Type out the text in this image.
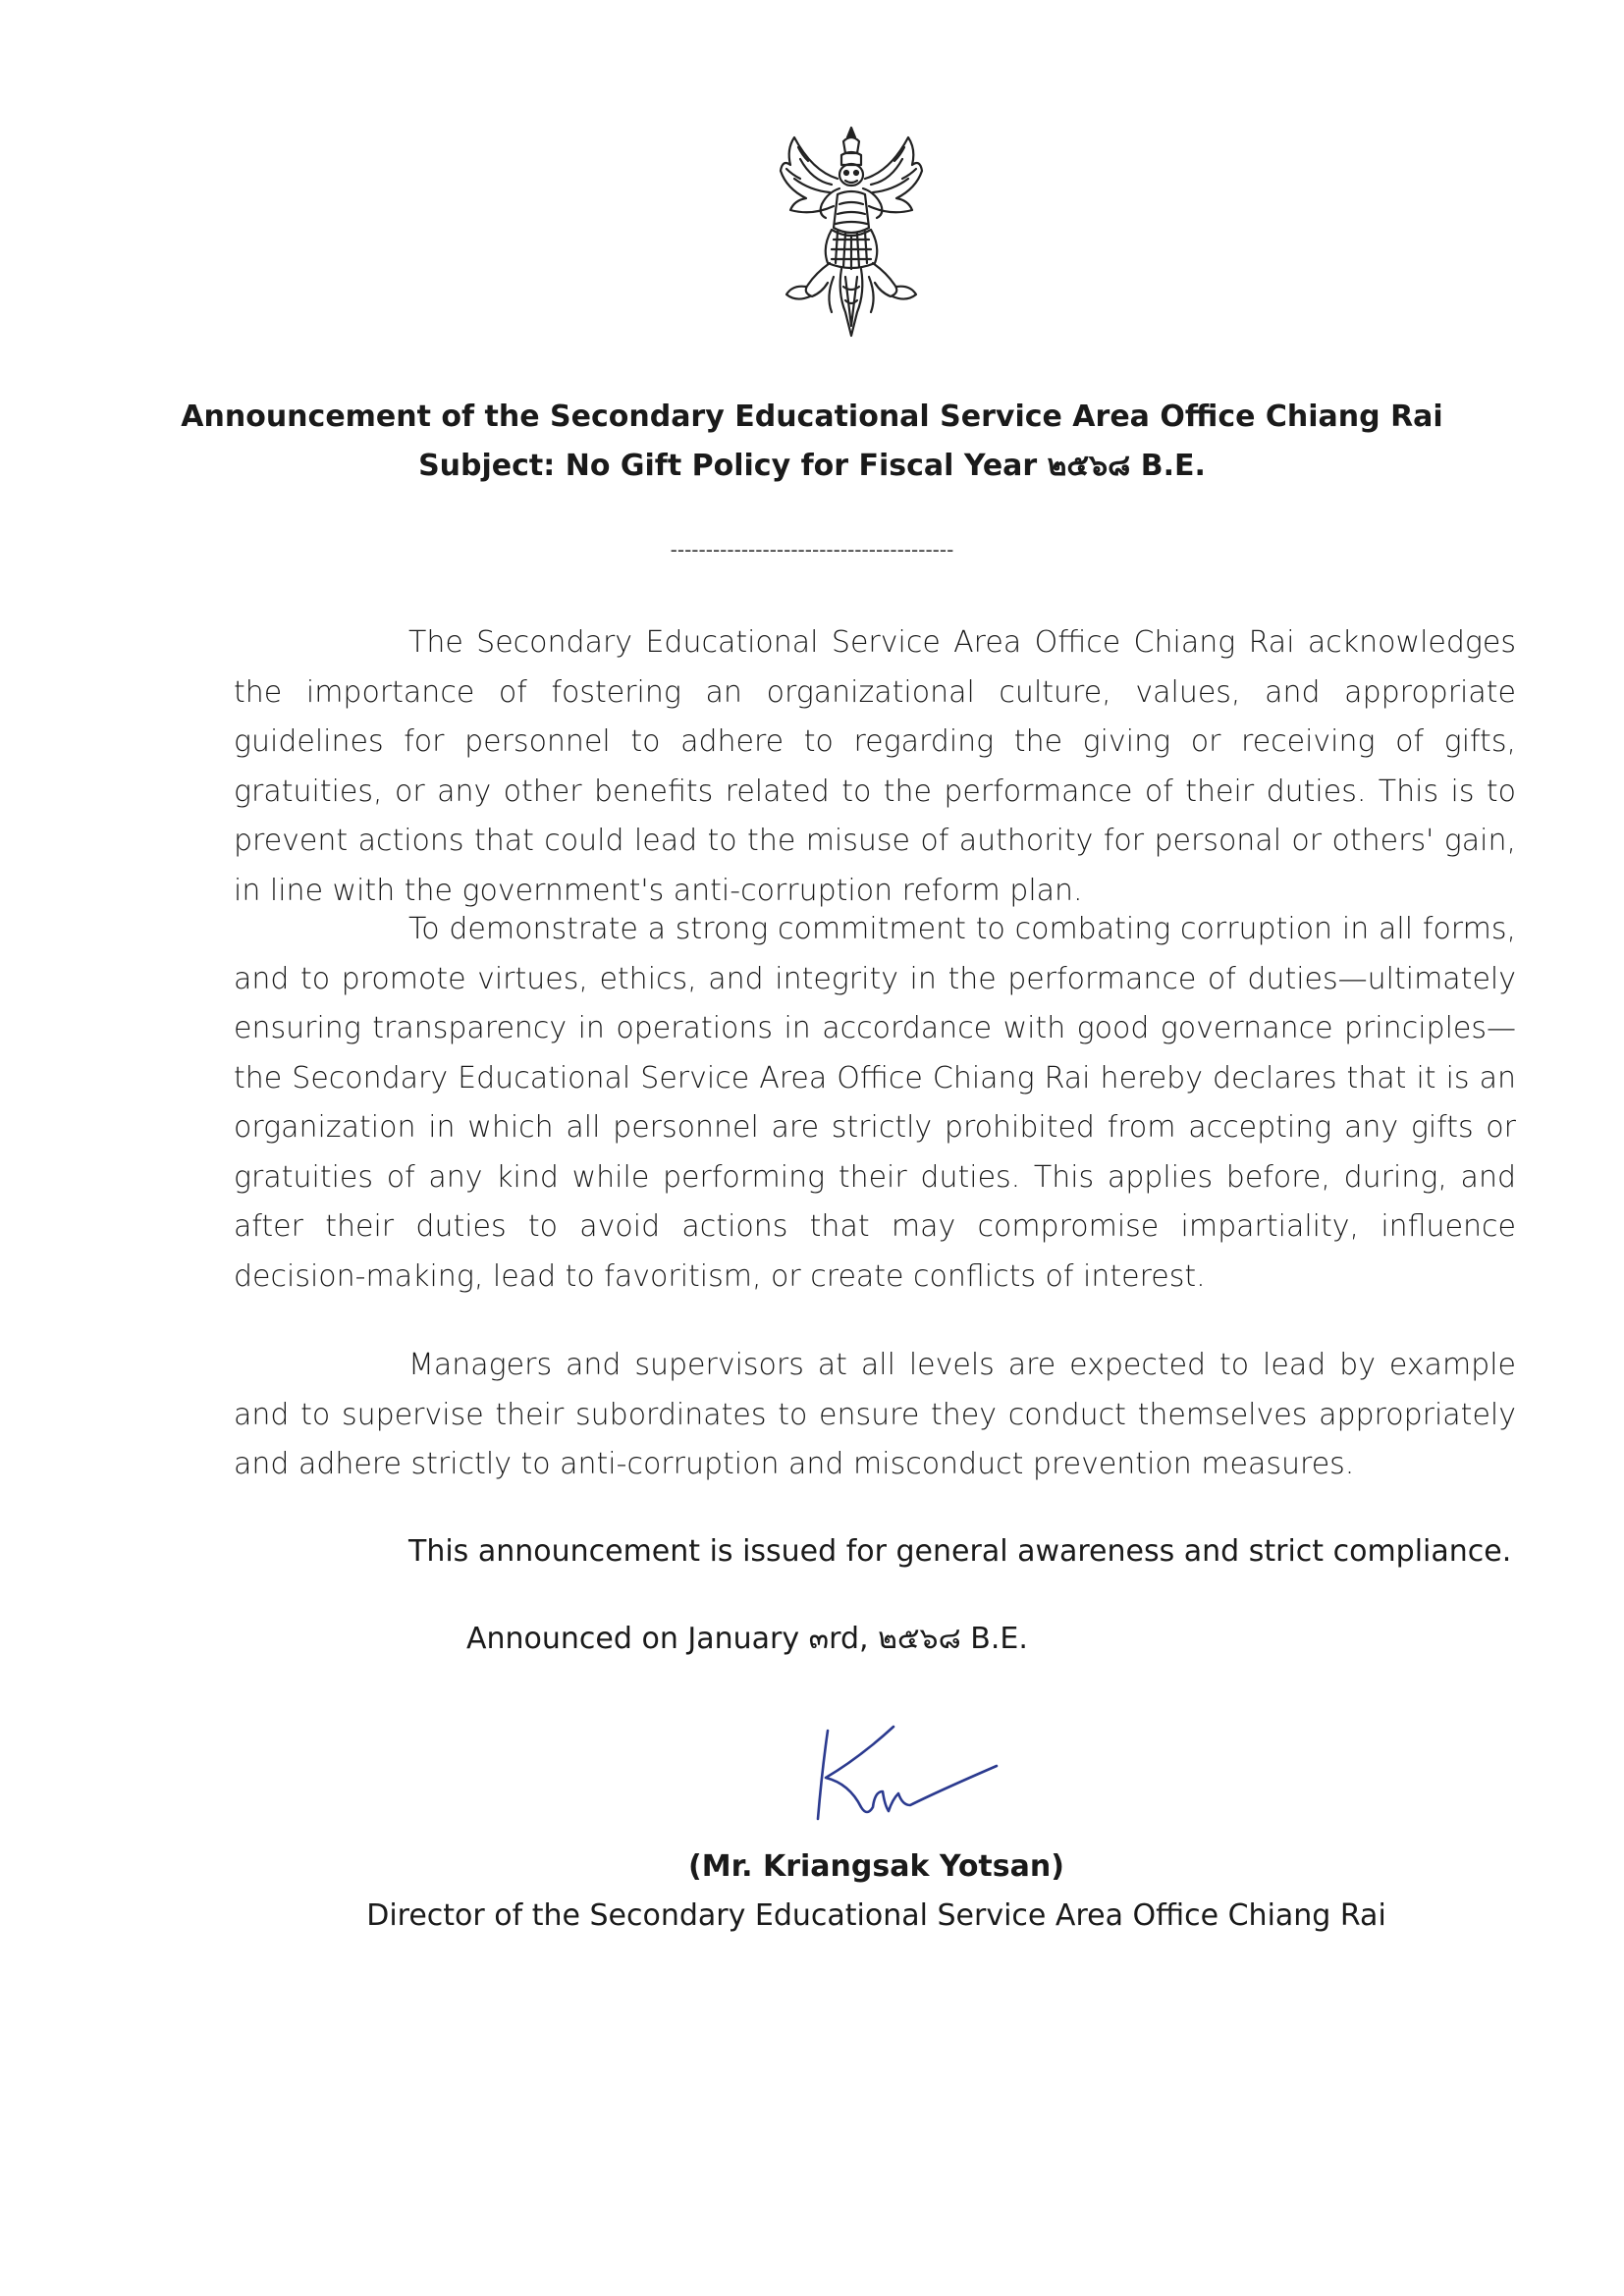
Announcement of the Secondary Educational Service Area Office Chiang Rai
Subject: No Gift Policy for Fiscal Year ๒๕๖๘ B.E.
----------------------------------------
The Secondary Educational Service Area Office Chiang Rai acknowledges the importance of fostering an organizational culture, values, and appropriate guidelines for personnel to adhere to regarding the giving or receiving of gifts, gratuities, or any other benefits related to the performance of their duties. This is to prevent actions that could lead to the misuse of authority for personal or others' gain, in line with the government's anti-corruption reform plan.
To demonstrate a strong commitment to combating corruption in all forms, and to promote virtues, ethics, and integrity in the performance of duties—ultimately ensuring transparency in operations in accordance with good governance principles—the Secondary Educational Service Area Office Chiang Rai hereby declares that it is an organization in which all personnel are strictly prohibited from accepting any gifts or gratuities of any kind while performing their duties. This applies before, during, and after their duties to avoid actions that may compromise impartiality, influence decision-making, lead to favoritism, or create conflicts of interest.
Managers and supervisors at all levels are expected to lead by example and to supervise their subordinates to ensure they conduct themselves appropriately and adhere strictly to anti-corruption and misconduct prevention measures.
This announcement is issued for general awareness and strict compliance.
Announced on January ๓rd, ๒๕๖๘ B.E.
(Mr. Kriangsak Yotsan)
Director of the Secondary Educational Service Area Office Chiang Rai
